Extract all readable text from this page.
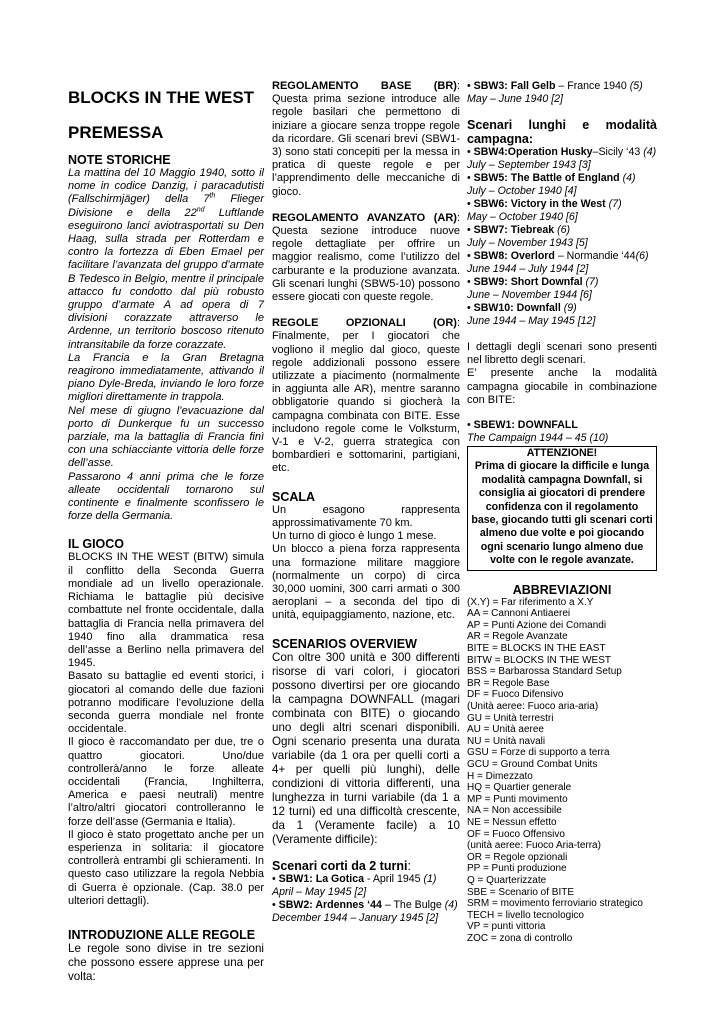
BLOCKS IN THE WEST
PREMESSA
NOTE STORICHE

La mattina del 10 Maggio 1940, sotto il nome in codice Danzig, i paracadutisti (Fallschirmjäger) della 7th Flieger Divisione e della 22nd Luftlande eseguirono lanci aviotrasportati su Den Haag, sulla strada per Rotterdam e contro la fortezza di Eben Emael per facilitare l’avanzata del gruppo d’armate B Tedesco in Belgio, mentre il principale attacco fu condotto dal più robusto gruppo d’armate A ad opera di 7 divisioni corazzate attraverso le Ardenne, un territorio boscoso ritenuto intransitabile da forze corazzate.

La Francia e la Gran Bretagna reagirono immediatamente, attivando il piano Dyle-Breda, inviando le loro forze migliori direttamente in trappola.

Nel mese di giugno l’evacuazione dal porto di Dunkerque fu un successo parziale, ma la battaglia di Francia finì con una schiacciante vittoria delle forze dell’asse.

Passarono 4 anni prima che le forze alleate occidentali tornarono sul continente e finalmente sconfissero le forze della Germania.

IL GIOCO

BLOCKS IN THE WEST (BITW) simula il conflitto della Seconda Guerra mondiale ad un livello operazionale. Richiama le battaglie più decisive combattute nel fronte occidentale, dalla battaglia di Francia nella primavera del 1940 fino alla drammatica resa dell’asse a Berlino nella primavera del 1945.

Basato su battaglie ed eventi storici, i giocatori al comando delle due fazioni potranno modificare l’evoluzione della seconda guerra mondiale nel fronte occidentale.

Il gioco è raccomandato per due, tre o quattro giocatori. Uno/due controllerà/anno le forze alleate occidentali (Francia, Inghilterra, America e paesi neutrali) mentre l’altro/altri giocatori controlleranno le forze dell’asse (Germania e Italia).

Il gioco è stato progettato anche per un esperienza in solitaria: il giocatore controllerà entrambi gli schieramenti. In questo caso utilizzare la regola Nebbia di Guerra è opzionale. (Cap. 38.0 per ulteriori dettagli).

INTRODUZIONE ALLE REGOLE

Le regole sono divise in tre sezioni che possono essere apprese una per volta:

REGOLAMENTO BASE (BR): Questa prima sezione introduce alle regole basilari che permettono di iniziare a giocare senza troppe regole da ricordare. Gli scenari brevi (SBW1-3) sono stati concepiti per la messa in pratica di queste regole e per l’apprendimento delle meccaniche di gioco.

REGOLAMENTO AVANZATO (AR): Questa sezione introduce nuove regole dettagliate per offrire un maggior realismo, come l’utilizzo del carburante e la produzione avanzata. Gli scenari lunghi (SBW5-10) possono essere giocati con queste regole.

REGOLE OPZIONALI (OR): Finalmente, per I giocatori che vogliono il meglio dal gioco, queste regole addizionali possono essere utilizzate a piacimento (normalmente in aggiunta alle AR), mentre saranno obbligatorie quando si giocherà la campagna combinata con BITE. Esse includono regole come le Volksturm, V-1 e V-2, guerra strategica con bombardieri e sottomarini, partigiani, etc.

SCALA

Un esagono rappresenta approssimativamente 70 km.

Un turno di gioco è lungo 1 mese.

Un blocco a piena forza rappresenta una formazione militare maggiore (normalmente un corpo) di circa 30,000 uomini, 300 carri armati o 300 aeroplani – a seconda del tipo di unità, equipaggiamento, nazione, etc.

SCENARIOS OVERVIEW

Con oltre 300 unità e 300 differenti risorse di vari colori, i giocatori possono divertirsi per ore giocando la campagna DOWNFALL (magari combinata con BITE) o giocando uno degli altri scenari disponibili. Ogni scenario presenta una durata variabile (da 1 ora per quelli corti a 4+ per quelli più lunghi), delle condizioni di vittoria differenti, una lunghezza in turni variabile (da 1 a 12 turni) ed una difficoltà crescente, da 1 (Veramente facile) a 10 (Veramente difficile):

Scenari corti da 2 turni:

• SBW1: La Gotica - April 1945 (1)

April – May 1945 [2]

• SBW2: Ardennes ‘44 – The Bulge (4)

December 1944 – January 1945 [2]

• SBW3: Fall Gelb – France 1940 (5)

May – June 1940 [2]

Scenari lunghi e modalità campagna:

• SBW4:Operation Husky–Sicily ‘43 (4)

July – September 1943 [3]

• SBW5: The Battle of England (4)

July – October 1940 [4]

• SBW6: Victory in the West (7)

May – October 1940 [6]

• SBW7: Tiebreak (6)

July – November 1943 [5]

• SBW8: Overlord – Normandie ‘44(6)

June 1944 – July 1944 [2]

• SBW9: Short Downfal (7)

June – November 1944 [6]

• SBW10: Downfall (9)

June 1944 – May 1945 [12]

I dettagli degli scenari sono presenti nel libretto degli scenari.

E’ presente anche la modalità campagna giocabile in combinazione con BITE:

• SBEW1: DOWNFALL

The Campaign 1944 – 45 (10)

ATTENZIONE!
Prima di giocare la difficile e lunga modalità campagna Downfall, si consiglia ai giocatori di prendere confidenza con il regolamento base, giocando tutti gli scenari corti almeno due volte e poi giocando ogni scenario lungo almeno due volte con le regole avanzate.
ABBREVIAZIONI

(X.Y) = Far riferimento a X.Y

AA = Cannoni Antiaerei

AP = Punti Azione dei Comandi

AR = Regole Avanzate

BITE = BLOCKS IN THE EAST

BITW = BLOCKS IN THE WEST

BSS = Barbarossa Standard Setup

BR = Regole Base

DF = Fuoco Difensivo

(Unità aeree: Fuoco aria-aria)

GU = Unità terrestri

AU = Unità aeree

NU = Unità navali

GSU = Forze di supporto a terra

GCU = Ground Combat Units

H = Dimezzato

HQ = Quartier generale

MP = Punti movimento

NA = Non accessibile

NE = Nessun effetto

OF = Fuoco Offensivo

(unità aeree: Fuoco Aria-terra)

OR = Regole opzionali

PP = Punti produzione

Q = Quarterizzate

SBE = Scenario of BITE

SRM = movimento ferroviario strategico

TECH = livello tecnologico

VP = punti vittoria

ZOC = zona di controllo
